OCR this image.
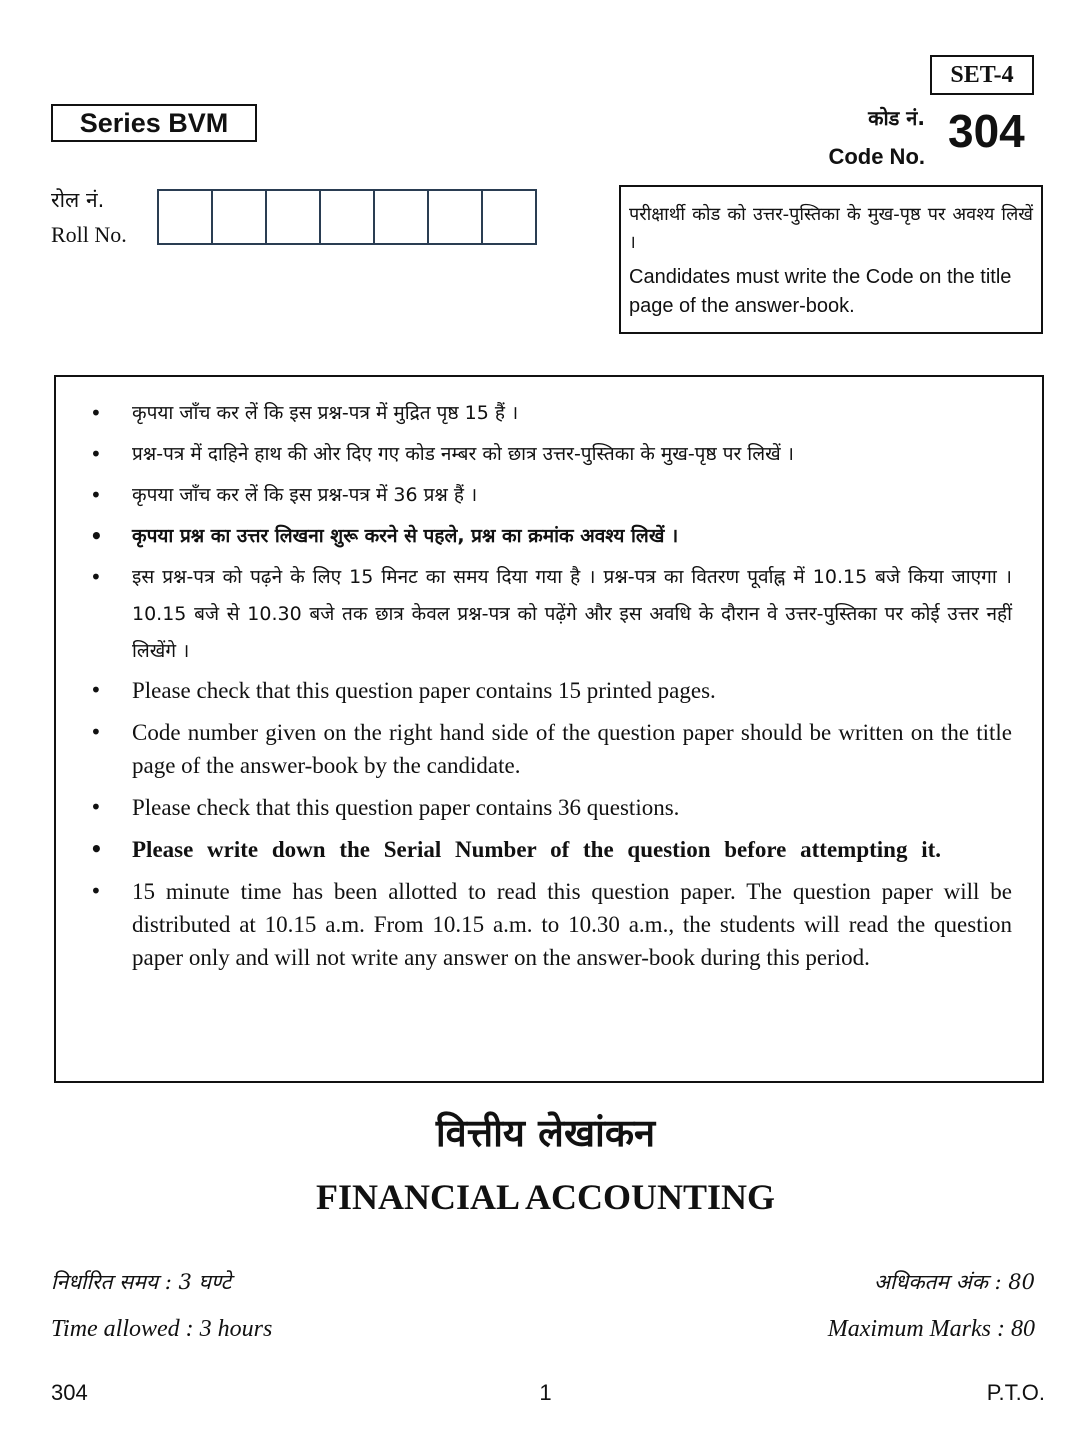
SET-4
Series BVM	कोड नं.
Code No. 304
रोल नं.
Roll No.
परीक्षार्थी कोड को उत्तर-पुस्तिका के मुख-पृष्ठ पर अवश्य लिखें ।
Candidates must write the Code on the title page of the answer-book.
• कृपया जाँच कर लें कि इस प्रश्न-पत्र में मुद्रित पृष्ठ 15 हैं ।
• प्रश्न-पत्र में दाहिने हाथ की ओर दिए गए कोड नम्बर को छात्र उत्तर-पुस्तिका के मुख-पृष्ठ पर लिखें ।
• कृपया जाँच कर लें कि इस प्रश्न-पत्र में 36 प्रश्न हैं ।
• कृपया प्रश्न का उत्तर लिखना शुरू करने से पहले, प्रश्न का क्रमांक अवश्य लिखें ।
• इस प्रश्न-पत्र को पढ़ने के लिए 15 मिनट का समय दिया गया है । प्रश्न-पत्र का वितरण पूर्वाह्न में 10.15 बजे किया जाएगा । 10.15 बजे से 10.30 बजे तक छात्र केवल प्रश्न-पत्र को पढ़ेंगे और इस अवधि के दौरान वे उत्तर-पुस्तिका पर कोई उत्तर नहीं लिखेंगे ।
• Please check that this question paper contains 15 printed pages.
• Code number given on the right hand side of the question paper should be written on the title page of the answer-book by the candidate.
• Please check that this question paper contains 36 questions.
• Please write down the Serial Number of the question before attempting it.
• 15 minute time has been allotted to read this question paper. The question paper will be distributed at 10.15 a.m. From 10.15 a.m. to 10.30 a.m., the students will read the question paper only and will not write any answer on the answer-book during this period.
वित्तीय लेखांकन
FINANCIAL ACCOUNTING
निर्धारित समय : 3 घण्टे
Time allowed : 3 hours
अधिकतम अंक : 80
Maximum Marks : 80
304	1	P.T.O.
